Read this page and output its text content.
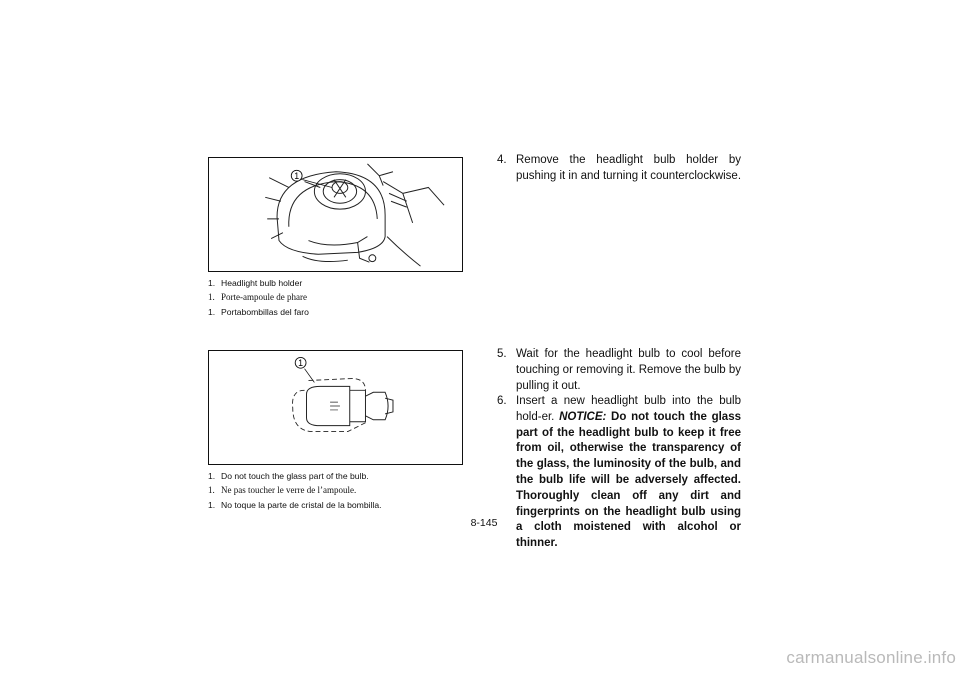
1
1. Headlight bulb holder
1. Porte-ampoule de phare
1. Portabombillas del faro
1
1. Do not touch the glass part of the bulb.
1. Ne pas toucher le verre de l’ampoule.
1. No toque la parte de cristal de la bombilla.
4. Remove the headlight bulb holder by pushing it in and turning it counterclockwise.
5. Wait for the headlight bulb to cool before touching or removing it. Remove the bulb by pulling it out.
6. Insert a new headlight bulb into the bulb hold-er. NOTICE: Do not touch the glass part of the headlight bulb to keep it free from oil, otherwise the transparency of the glass, the luminosity of the bulb, and the bulb life will be adversely affected. Thoroughly clean off any dirt and fingerprints on the headlight bulb using a cloth moistened with alcohol or thinner.
8-145
carmanualsonline.info
